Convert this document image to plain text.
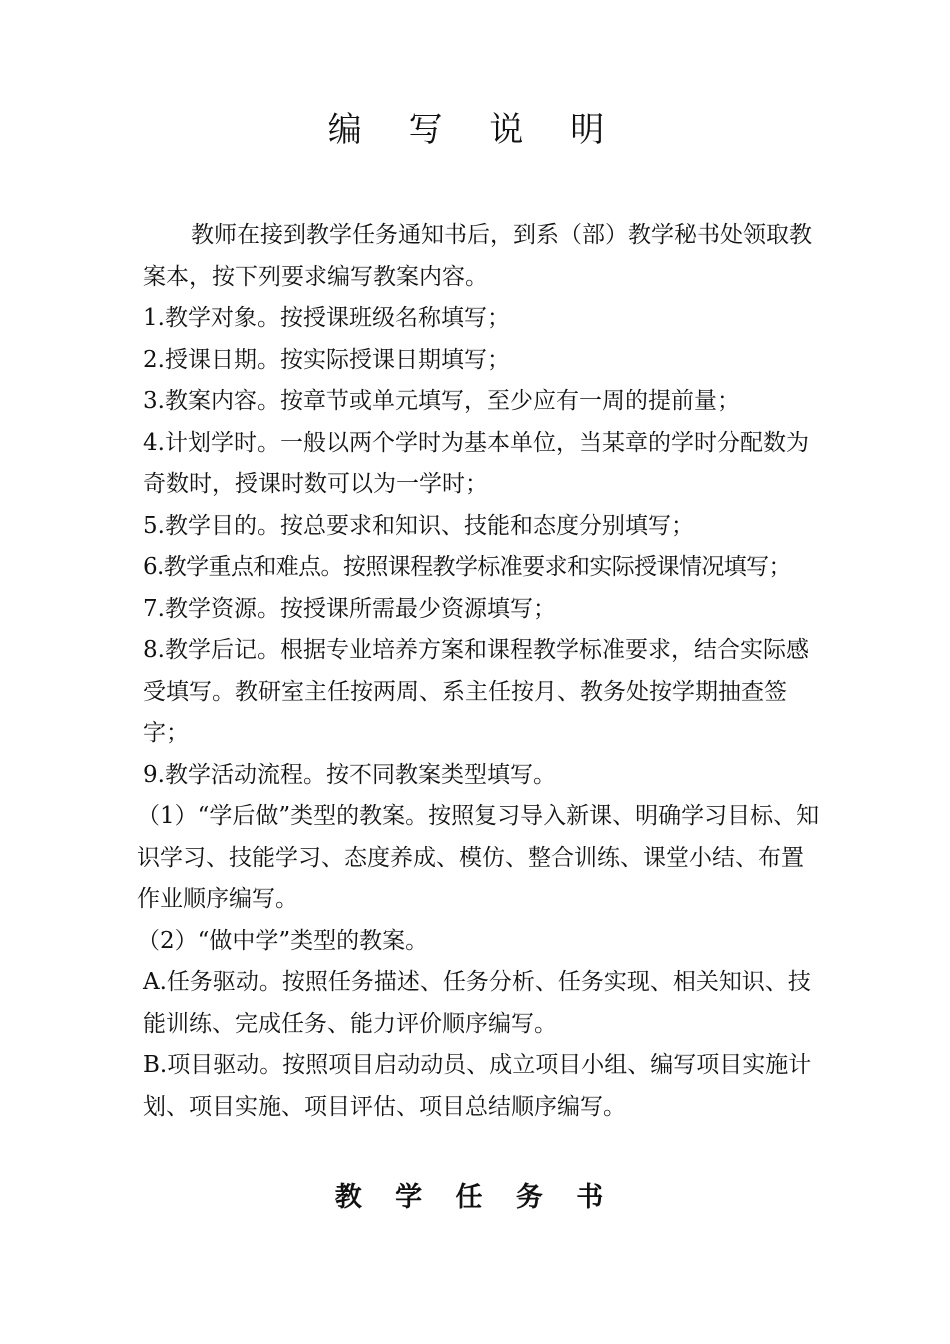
编 写 说 明

教师在接到教学任务通知书后，到系（部）教学秘书处领取教案本，按下列要求编写教案内容。

1.教学对象。按授课班级名称填写；

2.授课日期。按实际授课日期填写；

3.教案内容。按章节或单元填写，至少应有一周的提前量；

4.计划学时。一般以两个学时为基本单位，当某章的学时分配数为奇数时，授课时数可以为一学时；

5.教学目的。按总要求和知识、技能和态度分别填写；

6.教学重点和难点。按照课程教学标准要求和实际授课情况填写；

7.教学资源。按授课所需最少资源填写；

8.教学后记。根据专业培养方案和课程教学标准要求，结合实际感受填写。教研室主任按两周、系主任按月、教务处按学期抽查签字；

9.教学活动流程。按不同教案类型填写。

（1）“学后做”类型的教案。按照复习导入新课、明确学习目标、知识学习、技能学习、态度养成、模仿、整合训练、课堂小结、布置作业顺序编写。

（2）“做中学”类型的教案。

A.任务驱动。按照任务描述、任务分析、任务实现、相关知识、技能训练、完成任务、能力评价顺序编写。

B.项目驱动。按照项目启动动员、成立项目小组、编写项目实施计划、项目实施、项目评估、项目总结顺序编写。

教 学 任 务 书
